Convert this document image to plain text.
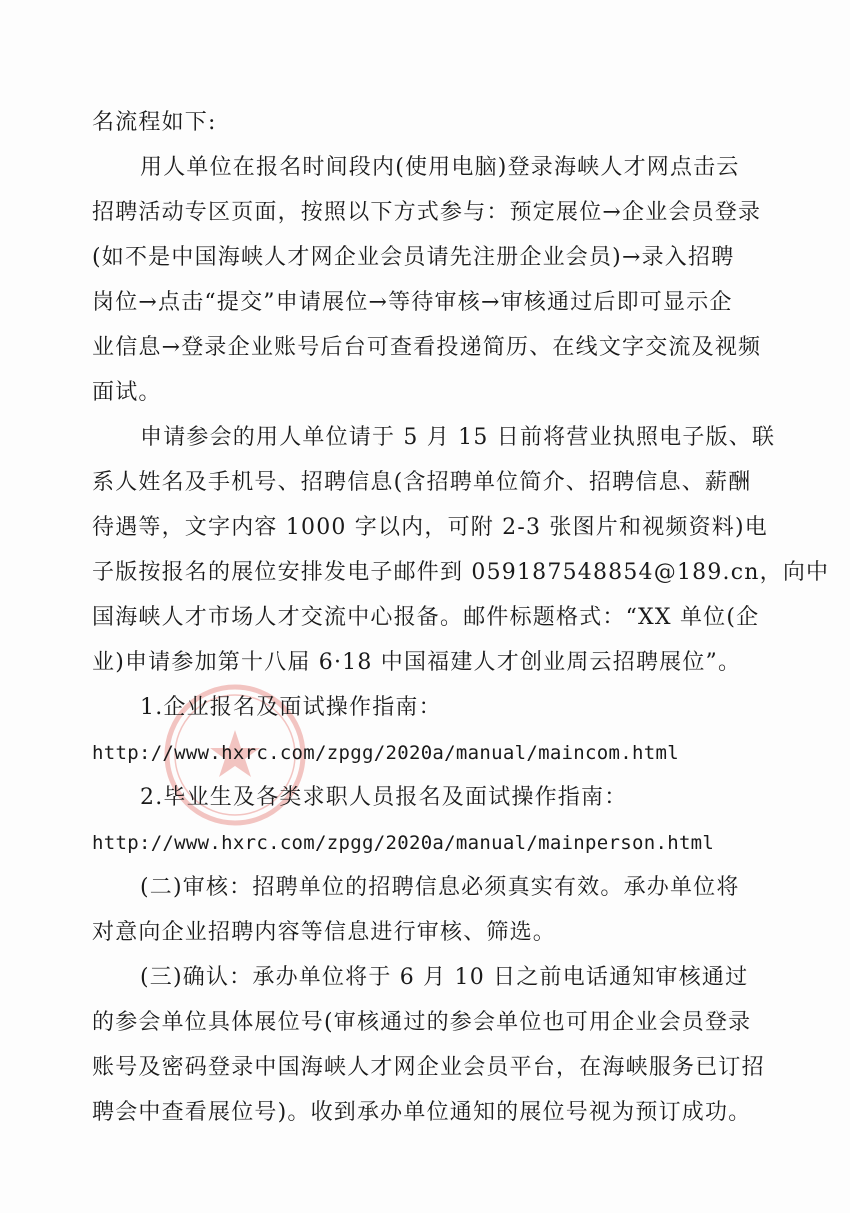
名流程如下:
用人单位在报名时间段内(使用电脑)登录海峡人才网点击云
招聘活动专区页面，按照以下方式参与：预定展位→企业会员登录
(如不是中国海峡人才网企业会员请先注册企业会员)→录入招聘
岗位→点击“提交”申请展位→等待审核→审核通过后即可显示企
业信息→登录企业账号后台可查看投递简历、在线文字交流及视频
面试。
申请参会的用人单位请于 5 月 15 日前将营业执照电子版、联
系人姓名及手机号、招聘信息(含招聘单位简介、招聘信息、薪酬
待遇等，文字内容 1000 字以内，可附 2-3 张图片和视频资料)电
子版按报名的展位安排发电子邮件到 059187548854@189.cn，向中
国海峡人才市场人才交流中心报备。邮件标题格式：“XX 单位(企
业)申请参加第十八届 6·18 中国福建人才创业周云招聘展位”。
1.企业报名及面试操作指南：
http://www.hxrc.com/zpgg/2020a/manual/maincom.html
2.毕业生及各类求职人员报名及面试操作指南：
http://www.hxrc.com/zpgg/2020a/manual/mainperson.html
(二)审核：招聘单位的招聘信息必须真实有效。承办单位将
对意向企业招聘内容等信息进行审核、筛选。
(三)确认：承办单位将于 6 月 10 日之前电话通知审核通过
的参会单位具体展位号(审核通过的参会单位也可用企业会员登录
账号及密码登录中国海峡人才网企业会员平台，在海峡服务已订招
聘会中查看展位号)。收到承办单位通知的展位号视为预订成功。
